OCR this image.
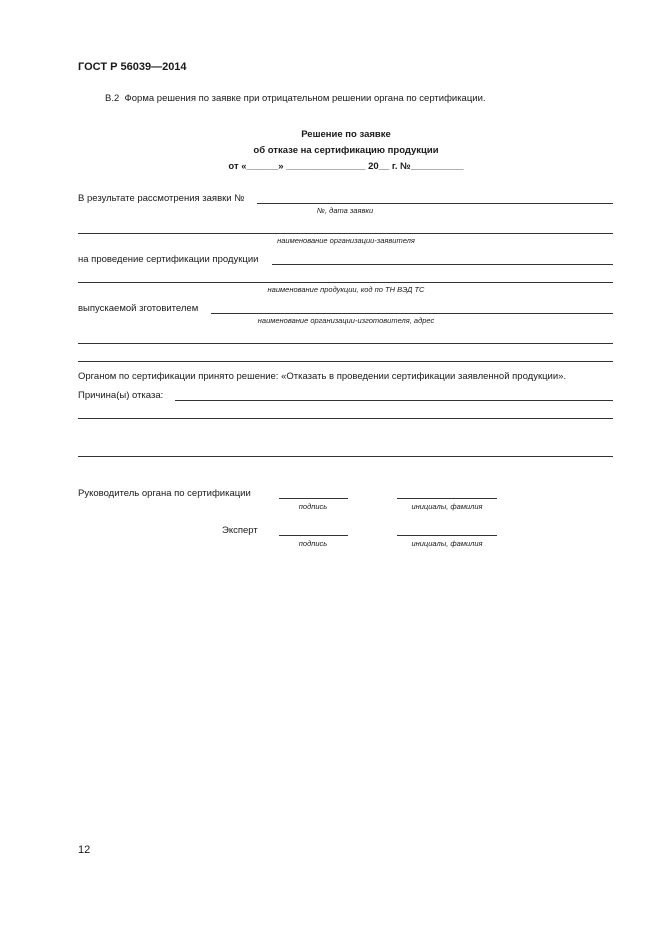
ГОСТ Р 56039—2014
В.2 Форма решения по заявке при отрицательном решении органа по сертификации.
Решение по заявке
об отказе на сертификацию продукции
от «______» _______________ 20__ г. №__________
В результате рассмотрения заявки №
№, дата заявки
наименование организации-заявителя
на проведение сертификации продукции
наименование продукции, код по ТН ВЭД ТС
выпускаемой зготовителем
наименование организации-изготовителя, адрес
Органом по сертификации принято решение: «Отказать в проведении сертификации заявленной продукции».
Причина(ы) отказа:
Руководитель органа по сертификации
подпись	инициалы, фамилия
Эксперт
подпись	инициалы, фамилия
12
